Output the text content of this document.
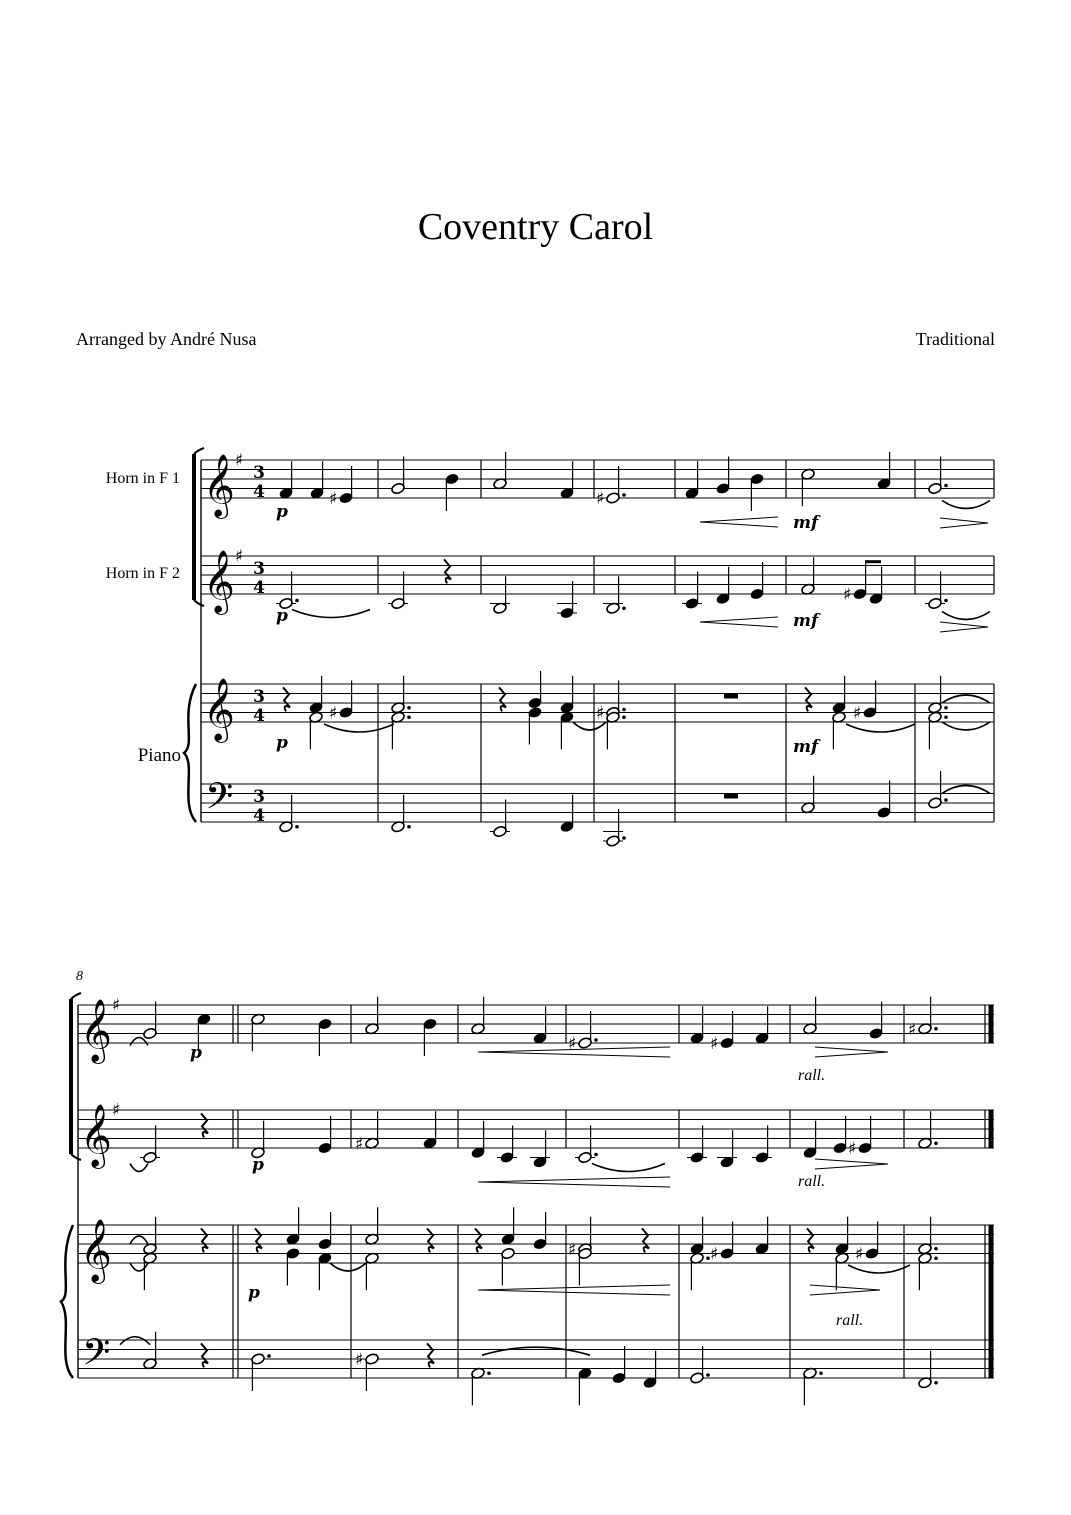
Coventry Carol
Arranged by André Nusa	Traditional
Horn in F 1
Horn in F 2
Piano
𝄞 ♯
3
4
𝄞 ♯
3
4
𝄞 3
4
𝄢 3
4
♯	♯
p
mf
♯
p	mf
♯	♯	♯
p	mf
8
𝄞 ♯
𝄞 ♯
𝄞
𝄢
♯	♯
♯
p
rall.
♯	♯
p
rall.
♯	♯	♯
p
rall.
♯
